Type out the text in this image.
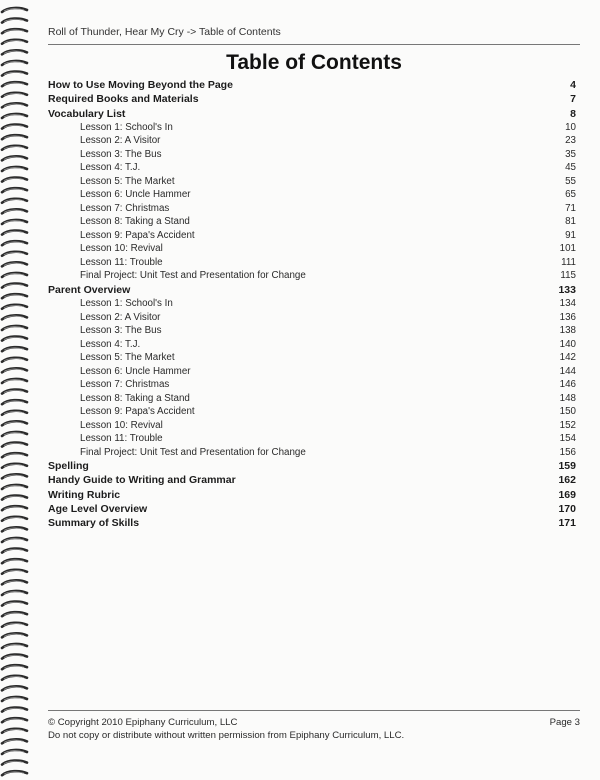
Roll of Thunder, Hear My Cry -> Table of Contents
Table of Contents
How to Use Moving Beyond the Page	4
Required Books and Materials	7
Vocabulary List	8
Lesson 1: School's In	10
Lesson 2: A Visitor	23
Lesson 3: The Bus	35
Lesson 4: T.J.	45
Lesson 5: The Market	55
Lesson 6: Uncle Hammer	65
Lesson 7: Christmas	71
Lesson 8: Taking a Stand	81
Lesson 9: Papa's Accident	91
Lesson 10: Revival	101
Lesson 11: Trouble	111
Final Project: Unit Test and Presentation for Change	115
Parent Overview	133
Lesson 1: School's In	134
Lesson 2: A Visitor	136
Lesson 3: The Bus	138
Lesson 4: T.J.	140
Lesson 5: The Market	142
Lesson 6: Uncle Hammer	144
Lesson 7: Christmas	146
Lesson 8: Taking a Stand	148
Lesson 9: Papa's Accident	150
Lesson 10: Revival	152
Lesson 11: Trouble	154
Final Project: Unit Test and Presentation for Change	156
Spelling	159
Handy Guide to Writing and Grammar	162
Writing Rubric	169
Age Level Overview	170
Summary of Skills	171
© Copyright 2010 Epiphany Curriculum, LLC	Page 3
Do not copy or distribute without written permission from Epiphany Curriculum, LLC.
